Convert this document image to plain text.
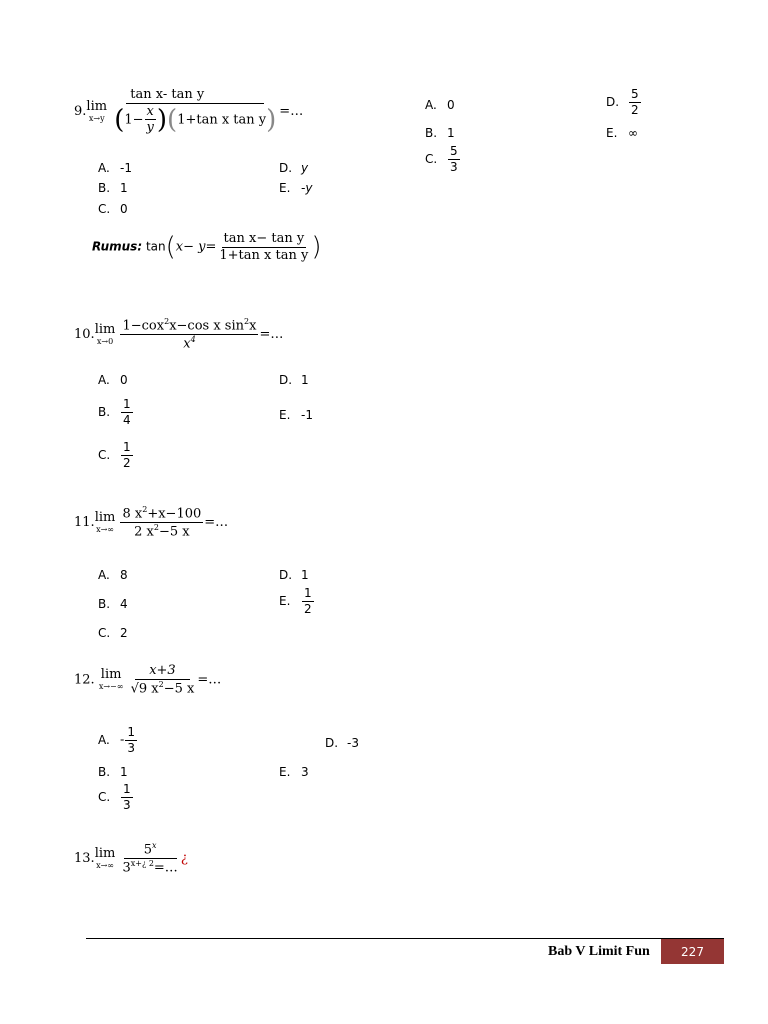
9. lim
x→y
$\frac{\text{tan x- tan y}}{(1- \frac{x}{y} )(1+\tan x \tan y)}$ =…
A. -1
B. 1
C. 0
D. y
E. -y
Rumus: $\tan(x- y= \frac{\text{tan x− tan y}}{\text{1+tan x tan y}}$ )
A. 0
B. 1
C. $\frac{5}{3}$
D. $\frac{5}{2}$
E. ∞
10. lim
x→0
$\frac{1-cox^2x-\cos x \sin^2x}{x^4}$ =…
A. 0
B. $\frac{1}{4}$
C. $\frac{1}{2}$
D. 1
E. -1
11. lim
x→∞
$\frac{8 x^2+x-100}{2 x^2-5 x}$ =…
A. 8
B. 4
C. 2
D. 1
E. $\frac{1}{2}$
12. lim
x→−∞
$\frac{x+3}{√9 x^2-5 x}$ =…
A. - $\frac{1}{3}$
B. 1
C. $\frac{1}{3}$
D. -3
E. 3
13. lim
x→∞
$\frac{5^x}{3^{x+¿ 2}=\dots}$ ¿
Bab V Limit Fun	227
